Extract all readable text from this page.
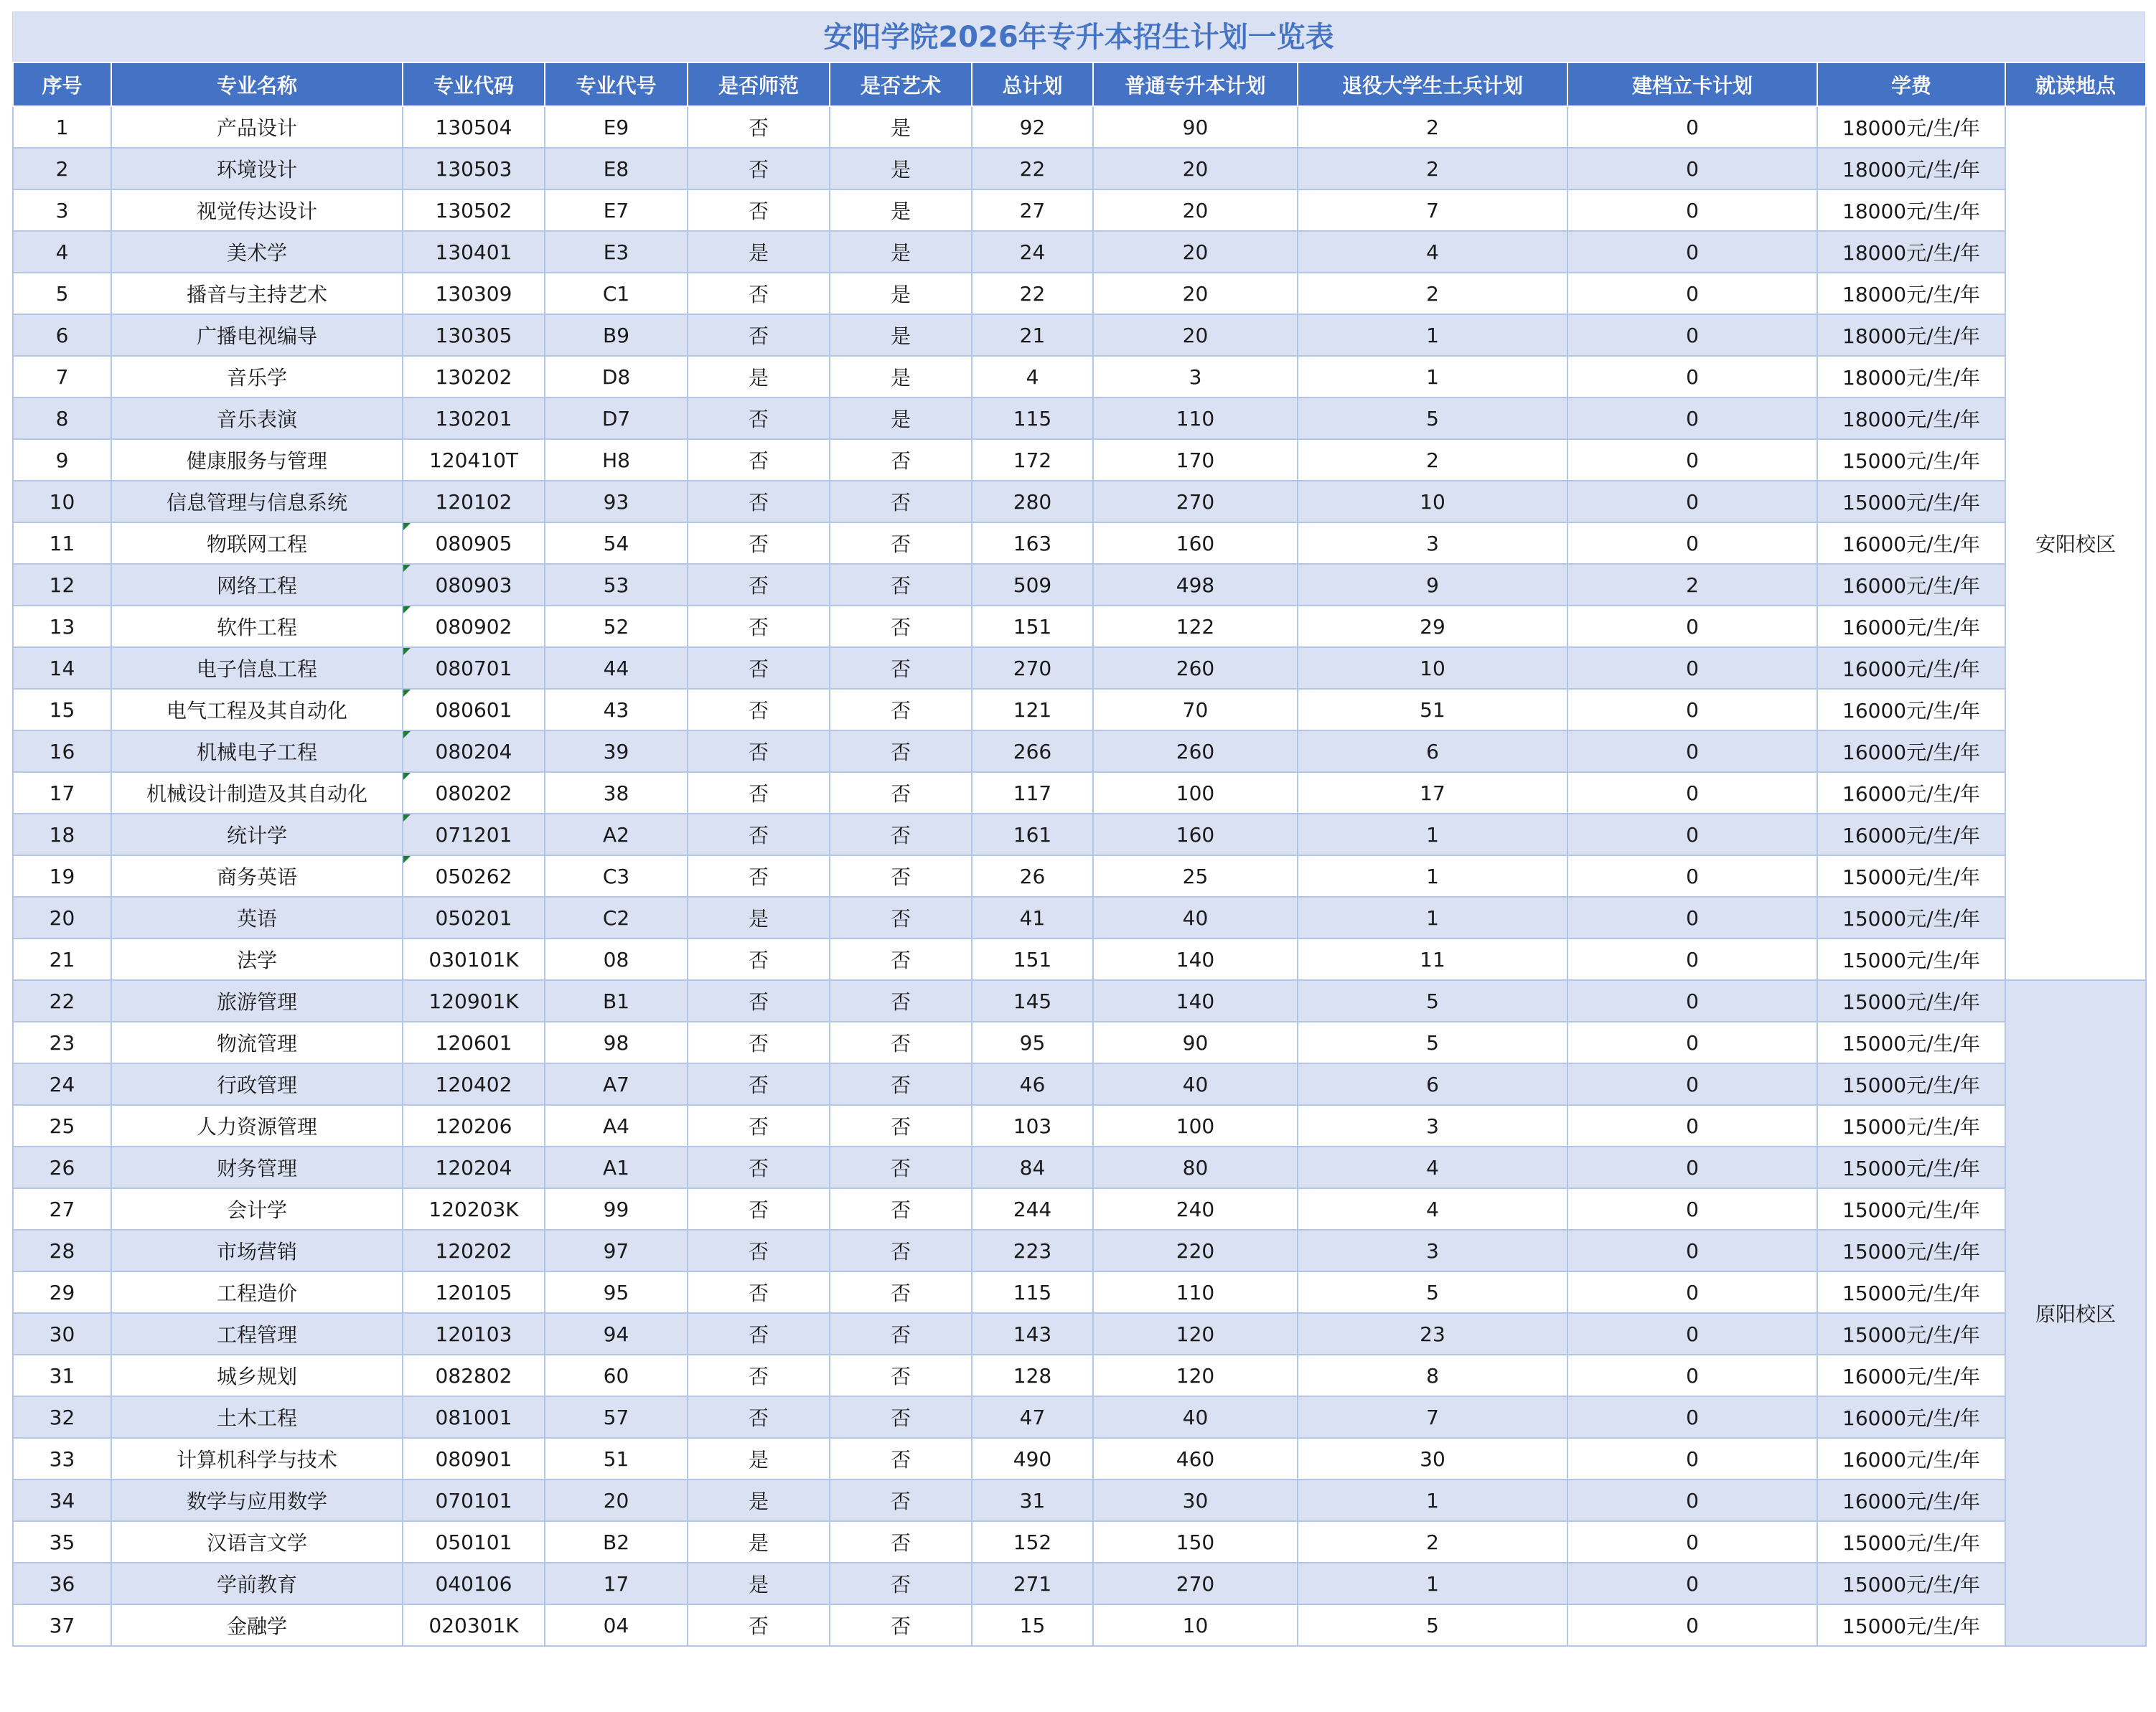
安阳学院2026年专升本招生计划一览表
序号	专业名称	专业代码	专业代号	是否师范	是否艺术	总计划	普通专升本计划	退役大学生士兵计划	建档立卡计划	学费	就读地点
1	产品设计	130504	E9	否	是	92	90	2	0	18000元/生/年	安阳校区
2	环境设计	130503	E8	否	是	22	20	2	0	18000元/生/年	
3	视觉传达设计	130502	E7	否	是	27	20	7	0	18000元/生/年	
4	美术学	130401	E3	是	是	24	20	4	0	18000元/生/年	
5	播音与主持艺术	130309	C1	否	是	22	20	2	0	18000元/生/年	
6	广播电视编导	130305	B9	否	是	21	20	1	0	18000元/生/年	
7	音乐学	130202	D8	是	是	4	3	1	0	18000元/生/年	
8	音乐表演	130201	D7	否	是	115	110	5	0	18000元/生/年	
9	健康服务与管理	120410T	H8	否	否	172	170	2	0	15000元/生/年	
10	信息管理与信息系统	120102	93	否	否	280	270	10	0	15000元/生/年	
11	物联网工程	080905	54	否	否	163	160	3	0	16000元/生/年	
12	网络工程	080903	53	否	否	509	498	9	2	16000元/生/年	
13	软件工程	080902	52	否	否	151	122	29	0	16000元/生/年	
14	电子信息工程	080701	44	否	否	270	260	10	0	16000元/生/年	
15	电气工程及其自动化	080601	43	否	否	121	70	51	0	16000元/生/年	
16	机械电子工程	080204	39	否	否	266	260	6	0	16000元/生/年	
17	机械设计制造及其自动化	080202	38	否	否	117	100	17	0	16000元/生/年	
18	统计学	071201	A2	否	否	161	160	1	0	16000元/生/年	
19	商务英语	050262	C3	否	否	26	25	1	0	15000元/生/年	
20	英语	050201	C2	是	否	41	40	1	0	15000元/生/年	
21	法学	030101K	08	否	否	151	140	11	0	15000元/生/年	
22	旅游管理	120901K	B1	否	否	145	140	5	0	15000元/生/年	原阳校区
23	物流管理	120601	98	否	否	95	90	5	0	15000元/生/年	
24	行政管理	120402	A7	否	否	46	40	6	0	15000元/生/年	
25	人力资源管理	120206	A4	否	否	103	100	3	0	15000元/生/年	
26	财务管理	120204	A1	否	否	84	80	4	0	15000元/生/年	
27	会计学	120203K	99	否	否	244	240	4	0	15000元/生/年	
28	市场营销	120202	97	否	否	223	220	3	0	15000元/生/年	
29	工程造价	120105	95	否	否	115	110	5	0	15000元/生/年	
30	工程管理	120103	94	否	否	143	120	23	0	15000元/生/年	
31	城乡规划	082802	60	否	否	128	120	8	0	16000元/生/年	
32	土木工程	081001	57	否	否	47	40	7	0	16000元/生/年	
33	计算机科学与技术	080901	51	是	否	490	460	30	0	16000元/生/年	
34	数学与应用数学	070101	20	是	否	31	30	1	0	16000元/生/年	
35	汉语言文学	050101	B2	是	否	152	150	2	0	15000元/生/年	
36	学前教育	040106	17	是	否	271	270	1	0	15000元/生/年	
37	金融学	020301K	04	否	否	15	10	5	0	15000元/生/年	
